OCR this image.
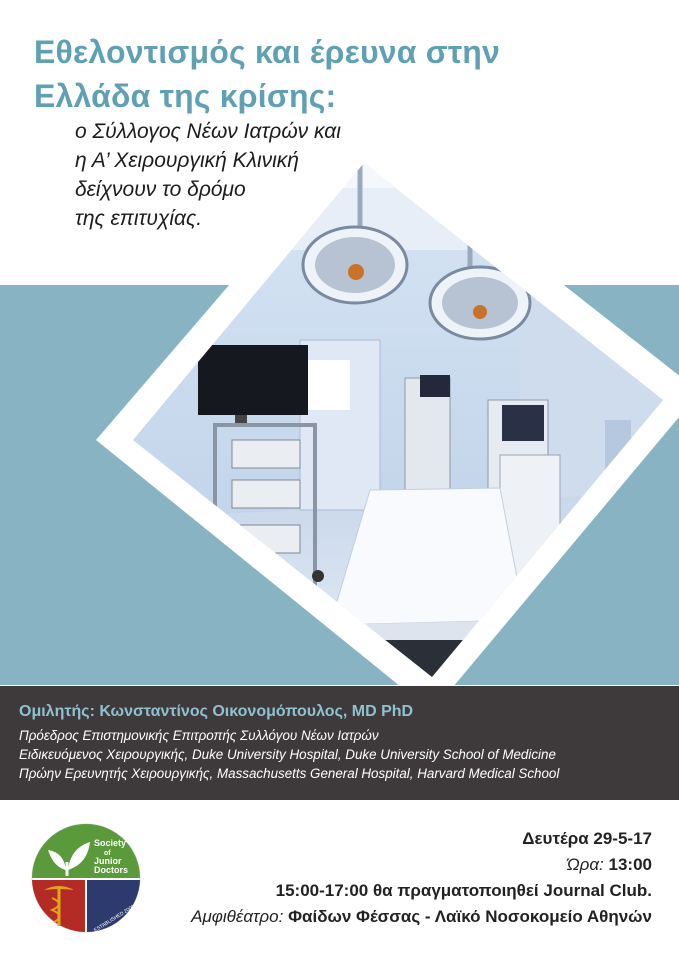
Εθελοντισμός και έρευνα στην
Ελλάδα της κρίσης:

ο Σύλλογος Νέων Ιατρών και
η Α’ Χειρουργική Κλινική
δείχνουν το δρόμο
της επιτυχίας.

Ομιλητής: Κωνσταντίνος Οικονομόπουλος, MD PhD
Πρόεδρος Επιστημονικής Επιτροπής Συλλόγου Νέων Ιατρών
Ειδικευόμενος Χειρουργικής, Duke University Hospital, Duke University School of Medicine
Πρώην Ερευνητής Χειρουργικής, Massachusetts General Hospital, Harvard Medical School
Society
of
Junior
Doctors
ESTABLISHED 2009
Δευτέρα 29-5-17
Ώρα: 13:00
15:00-17:00 θα πραγματοποιηθεί Journal Club.
Αμφιθέατρο: Φαίδων Φέσσας - Λαϊκό Νοσοκομείο Αθηνών
